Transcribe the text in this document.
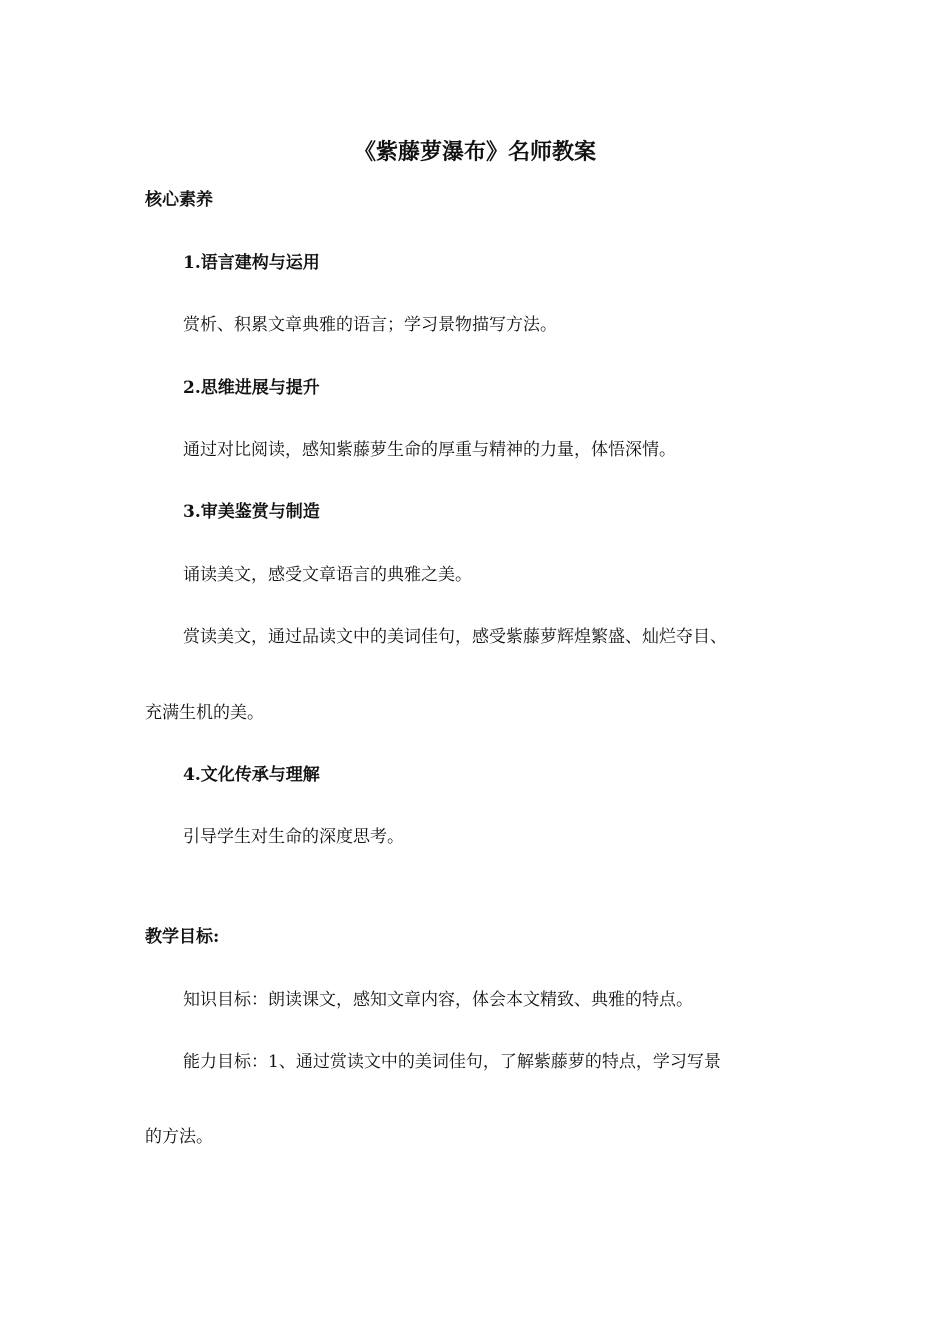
《紫藤萝瀑布》名师教案
核心素养
1.语言建构与运用
赏析、积累文章典雅的语言；学习景物描写方法。
2.思维进展与提升
通过对比阅读，感知紫藤萝生命的厚重与精神的力量，体悟深情。
3.审美鉴赏与制造
诵读美文，感受文章语言的典雅之美。
赏读美文，通过品读文中的美词佳句，感受紫藤萝辉煌繁盛、灿烂夺目、
充满生机的美。
4.文化传承与理解
引导学生对生命的深度思考。
教学目标:
知识目标：朗读课文，感知文章内容，体会本文精致、典雅的特点。
能力目标：1、通过赏读文中的美词佳句，了解紫藤萝的特点，学习写景
的方法。
